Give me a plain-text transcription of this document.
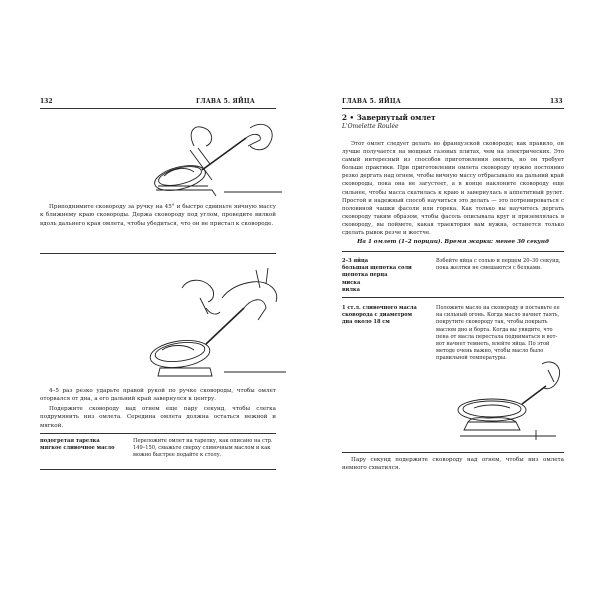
132	ГЛАВА 5. ЯЙЦА
Приподнимите сковороду за ручку на 45° и быстро сдвиньте яичную массу к ближнему краю сковороды. Держа сковороду под углом, проведите вилкой вдоль дальнего края омлета, чтобы убедиться, что он не пристал к сковороде.
4–5 раз резко ударьте правой рукой по ручке сковороды, чтобы омлет оторвался от дна, а его дальний край завернулся к центру.
Подержите сковороду над огнем еще пару секунд, чтобы слегка подрумянить низ омлета. Середина омлета должна остаться нежной и мягкой.
подогретая тарелка
мягкое сливочное масло
Переложите омлет на тарелку, как описано на стр. 149–150, смажьте сверху сливочным маслом и как можно быстрее подайте к столу.
ГЛАВА 5. ЯЙЦА	133
2 • Завернутый омлет
L'Omelette Roulée
Этот омлет следует делать во французской сковороде; как правило, он лучше получается на мощных газовых плитах, чем на электрических. Это самый интересный из способов приготовления омлета, но он требует больше практики. При приготовлении омлета сковороду нужно постоянно резко дергать над огнем, чтобы вичную массу отбрасывало на дальний край сковороды, пока она не загустеет, а в конце наклоните сковороду еще сильнее, чтобы масса скатилась к краю и завернулась в аппетитный рулет. Простой и надежный способ научиться это делать — это потренироваться с половиной чашки фасоли или горека. Как только вы научитесь дергать сковороду таким образом, чтобы фасоль описывала круг и приземлялась в сковороду, вы поймете, какая траектория вам нужна, останется только сделать рывок резче и жестче.
На 1 омлет (1–2 порции). Время жарки: менее 30 секунд
2–3 яйца
большая щепотка соли
щепотка перца
миска
вилка
Взбейте яйца с солью и перцем 20–30 секунд, пока желтки не смешаются с белками.
1 ст.л. сливочного масла
сковорода с диаметром
дна около 18 см
Положите масло на сковороду и поставьте ее на сильный огонь. Когда масло начнет таять, покрутите сковороду так, чтобы покрыть маслом дно и борта. Когда вы увидите, что пена от масла перестала подниматься и вот-вот начнет темнеть, влейте яйца. По этой методе очень важно, чтобы масло было правильной температуры.
Пару секунд подержите сковороду над огнем, чтобы низ омлета немного схватился.
